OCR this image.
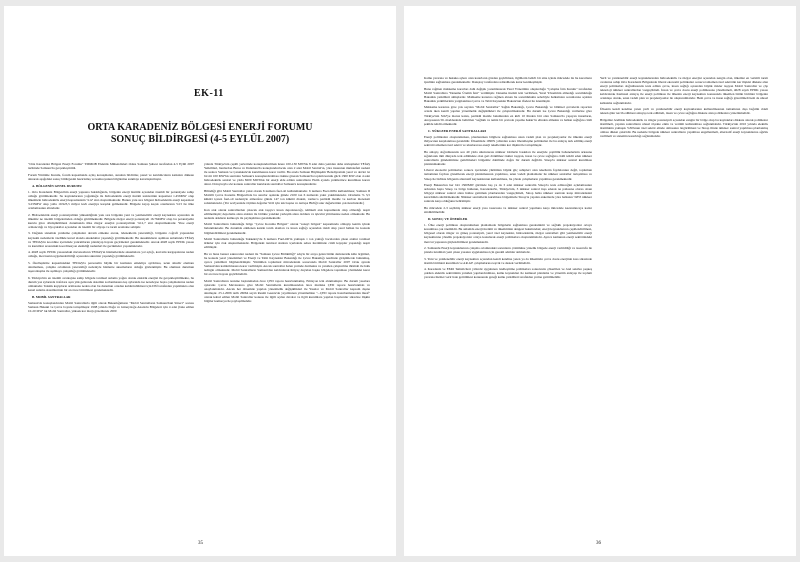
EK-11
ORTA KARADENİZ BÖLGESİ ENERJİ FORUMU
SONUÇ BİLDİRGESİ (4-5 EYLÜL 2007)

"Orta Karadeniz Bölgesi Enerji Forumu" TMMOB Elektrik Mühendisleri Odası Samsun Şubesi tarafından 4-5 Eylül 2007 tarihinde Samsun'da gerçekleştirildi.

Forum Yürütme Kurulu, forum kapsamında açılış konuşmaları, sunulan bildiriler, panel ve katılımcıların katkıları dikkate alınarak aşağıdaki sonuç bildirgesini hazırlamış ve kamuoyunun bilgilerine sunmayı kararlaştırmıştır.

A. BÖLGENİN GENEL DURUMU

1. Orta Karadeniz Bölgesi'nin enerji yapısına bakıldığında, bölgenin enerji üretimi açısından önemli bir potansiyele sahip olduğu görülmektedir. Su kaynaklarının yoğunluğu ile hidroelektrik enerji üretim tesislerinin kapasitesi 1.456MW olup ülkemizin hidroelektrik enerji kapasitesinin %12' sini oluşturmaktadır. Bunun yanı sıra bölgeni hidroelektrik enerji kapasitesi 3.235MW olup yılda 10.923,5 milyar kwh enerjiye karşılık gelmektedir. Bölgede kayıp kaçak oranlarının %15 ile ülke ortalamasının altındadır.

2. Hidroelektrik enerji potansiyelinin yüksekliğinin yanı sıra bölgenin yeni ve yenilenebilir enerji kaynakları açısından da ülkemiz ne önemli bölgelerinden olduğu görülmektedir. Bölgede rüzgar enerji potansiyeli 16.764MW olup bu potansiyelin kurulu güce dönüştürülmesi durumunda ülke rüzgar enerjisi potansiyelinin %12,7 sini oluşturmaktadır. Yine enerji ormancılığı ve biyoyakıtlar açısından da önemli bir altyapı ve tarım arazisine sahiptir.

3. Dağınık sistemde yenileme çalışmaları devam etmekte ancak, ödeneklerin yetersizliği, bölgenin coğrafi yapısından kaynaklı nedenlerle özellikle kırsal alanda aksaklıklar yaşandığı görülmektedir. Bu aksaklıkların aşılması anlamında TEİAŞ ve TEDAŞ'ın koordine içerisinde yatırımlarını planlayıp hayata geçirmeleri gerekmektedir. Ancak 4628 sayılı EPDK yasası ve kurumlar arasındaki koordinasyon eksikliği nedenleri ile gecikmeler yaşanmaktadır.

4. 4628 sayılı EPDK yasasındaki mevzuatların TEDAŞ'ın hizmetlerinde aksamalara yol açtığı, kavramı kargaşalarına neden olduğu, mevzuatın uygulanabilirliği açısından sıkıntılar yaşandığı görülmektedir.

5. Özelleştirme kapsamındaki TEDAŞ'ta personelin büyük bir kısmının emekliye ayrılması, uzun süredir elemanı alınmaması, çalışma ortamının yetersizliği nedeniyle hizmette aksamaların olduğu gözlenmiştir. Bu olumsuz durumun taşeronlaşma ile aşılmaya çalışıldığı görülmektedir.

6. Türkiye'nin en önemli avantajına sahip bölgede tarımsal sulama yoğun olarak elektrik enerjisi ile gerçekleştirilmekte, bu durum yaz aylarında trafolara aşırı yük getirerek sistemin zorlanmasına kış aylarında ise neredeyse boşta çalışmalarına neden olmaktadır. Teknik kayıpların artmasına neden olan bu durumun ortadan kaldırılabilmesi için DSİ tarafından yapılmakta olan kanal sulama sistemlerinin bir an önce bitirilmesi gerekmektedir.

B. MOBİL SANTRALLAR

Samsun'da konuşlandırılan Mobil Santrallarla ilgili olarak Bakanlığımızın "Mobil Santralların Samsun'daki Süreci" sorusu Samsun Hakuki ve Çevre boyutu tartışılmıştır 1998 yılında Doğu ve Güneydoğu Anadolu Bölgeleri için 4 adet (bakı edilen 10-20 MW' lık Mobil Santrallar, yüksek kar marjı gözetilerek 2000

yılında Türkiye'nin çeşitli yerlerinde konuşlandırılmak üzere 100-130 MW'lık 8 adet daha yeniden daha sözleşmeler TEİAŞ Yetkilileri, bunlardan Bursa ve Dalaman'da konuşlandırılacak olan 2 adet Mobil Santral'ın, yöre insanının muhalefeti nedeni ile sadece Samsun ve Çanakkale'de kurulmasına karar verilir. Bu arada Samsun Büyükşehir Belediyesinin yerel ve devlet öz bir mi 100 MW'lık santralın Samsun'a konuşlandırılması riskine girerek Samsun'da toplam kurulu gücü 1300 MW olan 4 adet hidroelektrik santral ve yılda 8200 MWh'lık bir enerji elde edilen santralların Ekim ayında yetkilerince kurulması kararı alınır. Dolayısıyla söz konusu santrallar kurularak santrallar Samsun'a konuşlandırılır.

Bilindiği gibi Mobil Santrallar yakıt olarak 6 numara fuel-oil kullanmaktadır. 6 numara Fuel-Oil'in kullanılması; Samsun II Mobilli Çevre Koruma Bölgesi'nde bu sınırlar aşılarak günde 2100 ton 6 numaralı yakıt yakılmaktadır. Ortalama % 3,5 kükürt içeren fuel-oil nedeniyle atmosfere günde 147 ton kükürt dioksit, tonlarca partikül madde ve karbon monoksit salınmaktadır. (Yer seviyesinde ölçülen değerler SO2 için tek başına ve Avrupa Birliği sınır değerlerinin çok üzerindedir.)

Katı atık olarak santrallerden çıkacak atık taşıyıcı insan depolanacağı, tehlikeli atık kapsamında olup olmadığı tespit edilmemiştir; depolama alanı atıkları ile birlikte yandaki yerleşim alanı dolduru ve işlevini yitirmesine neden olmaktadır. Bu nedenle atıkların kamuoyu ile paylaşılması gerekmektedir.

Mobil Santralların bulunduğu bölge "Çevre Koruma Bölgesi" olarak "sanayi bölgesi" kapsamında olmayıp kentin içinde bulunmaktadır. Bu durumda etkilenen kentin tarım alanları ve insan sağlığı açısından riskli olup yerel halkın bu konuda bilgilendirilmesi gerekmektedir.

Mobil Santrallerin bulunduğu Tekkeköy'de 6 numara Fuel-Oil'in yaklaşık 1 ton yaktığı bacalardan çıkan atıklar tarımsal ürünler için risk oluşturmaktadır. Bölgedeki tarımsal alanları içerisinde sebze üretiminde ciddi kayıplar yaşandığı tespit edilmiştir.

Bu ve buna benzer sakıncaları nedeni ile "Samsun Çevre Birliktiliği" adıyla bir araya gelen bütün demokratik kitle örgütleri, bu konuda yerel yönetimleri ve Enerji ve Tabii Kaynaklar Bakanlığı ile Çevre Bakanlığı nezdinde girişimlerde bulunmuş, ayrıca yetkilileri bilgilendirmiştir. Yürütülen toplumsal mücadelenin sonucunda Mobil Santrallar 2007 Ocak ayında Samsun'dan kaldırılmasına karar verilmiştir. Ancak santrallar halen yerinde durmakta ve yeniden çalıştırılma ihtimali ile halk tedirgin olmaktadır. Mobil Santralların Samsun'dan kaldırılarak ihtiyaç duyulan başka bölgelere taşınması yönündeki karar bir an önce hayata geçirilmelidir.

Mobil Santralların tesisine başlanmadan önce ÇED raporu hazırlanmamış, Emisyon izni alınmamıştır. Bu durum yasalara aykırıdır. Çevre Mevzuatına göre Mobil Santrallerin kurulmasından önce mutlaka ÇED raporu hazırlanmalı ve onaylanmalıdır. Ancak her dönemde yapılan yönetmelik değişiklikleri ile Yasalar ve Mobil Santrallar kapsam dışına alınmıştır. 25.1.2006 tarih 26064 sayılı Resmi Gazete'de yayımlanan yönetmelikte "...ÇED raporu hazırlanmasından muaf" olarak kabul edilen Mobil Santraller konusu ile ilgili açılan davalar ve ilgili kurumlara yapılan başvurular sürecine ilişkin bilgiler kamuoyu ile paylaşılmalıdır.

35

Kamu yararına ve hukuka aykırı olan kararların gözden geçirilmesi, ilgililerin belirli bir süre içinde mücadele ile bu kararların iptalinin sağlanması gerekmektedir. Danıştay tarafından reddedilerek karar kesinleşmiştir.

Buna rağmen mahkeme kararları dahi değişik yorumlanarak Yerel Yönetimin oluşturduğu "Çalışma İzin Kurulu" tarafından Mobil Santrallara "Deneme Üretim İzni" verilmiştir. Deneme üretim izni verilirken, Yerel Yönetimin almadığı sorumluluğu Bakanlık yetkilileri almışlardır. Mahkeme kararına rağmen alınan bu sorumlulukla sebebiyle halkımızın sorunlarına açıkları Bakanlık yetkililerinin yargılanması Çevre ve Tabii Kaynaklar Bakanı'nın ifadesi ile istenmiştir.

Mahkeme kararına göre yok sayılan "Mobil Santrallar" Sağlık Bakanlığı, Çevre Bakanlığı ve bilimsel çevrelerin raporları ortada iken kentli yapılan yönetmelik değişiklikleri ile çalıştırılmaktadır. Bu durum ise Çevre Bakanlığı verilerine göre Türkiye'nin SO2'ye maruz kalan, partikül madde bakımından en kirli 10 ilinden biri olan Samsun'da yaşayan insanların, Anayasanın 56. maddesinde belirtilen "sağlıklı ve temiz bir çevrede yaşama hakkı"nı elinden almakta ve halkın sağlığını ciddi şekilde tehdit etmektedir.

C. NÜKLEER ENERJİ SANTRALLARI

Enerji politikaları oluşturulurken, planlanırken bilgilere sağlanması uzun vadeli plan ve projeksiyonlar ile ülkenin enerji ihtiyacının karşılanması gereklidir. Ülkemizde 1990'lı yıllardan sonra liberalleşme politikaları ile bu anlayış terk edilmiş enerji sektörü tamamen özel sektör ve uluslararası enerji tekellerinin kar ilişkisi ile tartışılmıştır.

Bu anlayış doğrultusunda son 40 yılda uluslararası nükleer lobilerin baskıları ile enerjide çeşitlilik bahanelerinin arkasına sığınılarak tüm dünyada terk edilmekte olan geri dönülmez riskler taşıyan, insan ve çevre sağlığına ciddi tehdit eden nükleer santrallerin gündemimize getirilmeleri bölgemiz dahilinde doğru bir durum değildir. Sinop'ta nükleer santral kurulması planlanmaktadır.

Liberal ekonomi politikaları sonucu içerisinde yürütülen büyük güç sahipleri olan tekellerin faydalarının değil, toplumun tamamının faydası gözetilerek enerji planlamasının yapılması, uzun vadeli planlamalar ile nükleer santraller tartışılması ve Sinop ile birlikte bölgenin alternatif kaynaklarının kullanılması, bu yönde çalışmaların yapılması gerekmektedir.

Enerji Bakanı'nın her biri 1500MW gücünde beş ya da 3 adet nükleer santralin Sinop'ta tesis edileceğini açıklamasının ardından başta Sinop ve bölge halkının, Karadeniz'in, Türkiye'nin, 3 nükleer santral inşa ederek ne pahasına olursa olsun bölgeyi nükleer santral alanı haline getirmek planlarından vazgeçilmeli, Sinop halkı nükleer santrale karşı mücadelesini kararlılıkla sürdürmektedir. Nükleer santrallerin kurulması bölgemizde Sinop'ta yapılan anketlerde yöre halkının %85'i nükleer santrale karşı olduğunu belirtmiştir.

Bu mücadele 2-3 seçilmiş nükleer enerji yasa tasarısına ve nükleer santral yapımına karşı mücadele kazanılıncaya kadar sürdürülmelidir.

D. SONUÇ VE ÖNERİLER

1. Ülke enerji politikası oluşturulurken planlamada bölgelerin sağlanması gereksinimi ve sağlıklı projeksiyonlar ortaya konulması çok önemlidir. Bu anlamda enerji üretimi ve tüketiminin dengesi bakımından; enerji kaynaklarının çeşitlendirilmesi, bölgesel olarak rüzgar ve güneş potansiyeli, yerel özel kaynaklar, hidroelektrik, rüzgar santralleri gibi yenilenebilir enerji kaynaklarına yönelik projeksiyonlar ortaya konularak enerji politikaları oluşturulmalıdır. Ayrıca kamunun enerji sektöründeki mevcut yapısının güçlendirilmesi gerekmektedir.

2. Samsunlu Enerji kaynaklarının çalışma ortamındaki sorunların çözümüne yönelik bölgede enerji verimliliği ve tasarrufu ile planda tutulmalı yeni çıkan yasanın uygulanması için gerekli adımlar atılmalıdır.

3. Yeni ve yenilenebilir enerji kaynakları açısından kendi kendine yeten ya da ülkemizin çevre dostu enerjinin kısa süresinde üretim birimleri kurulmalı ve AR-GE çalışmalarına teşvik ve destek verilmelidir.

4. Karadeniz ve EMO Temsilcileri yıllardır uygulanan özelleştirme politikaları sonucunda çökertilen ve özel sektöre peşkeş çekilen elektrik sektörünün yeniden yapılandırılması, kamu kaynakları ile kamusal planlama ve yönetim anlayışı ile toplum yararına hizmet verir hale getirilmesi konusunda gereği kamu yetkilileri tarafından yerine getirilmelidir.

Yerli ve yenilenebilir enerji kaynaklarından hidroelektrik ve rüzgar enerjisi açısından zengin olan, ülkemiz en verimli tarım ovalarına sahip Orta Karadeniz Bölgesinde liberal ekonomi politikaları sonucu tamamen özel sektörün kar ilişkisi dikkate alan enerji politikaları doğrultusunda tesis edilen çevre, insan sağlığı açısından büyük riskler taşıyan Mobil Santrallar ve çöp teknoloji nükleer santrallardan vazgeçilmeli. İnsan ve çevre dostu enerji politikasına yönelinmeli, 4628 sayılı EPDK yasası kaldırılarak Kamusal anlayış ile enerji politikası ile ülkenin enerji kaynakları konusunda tüketilen bütün birimler bölgenin ortaklaşa olarak, uzun vadeli plan ve projeksiyonlar ile oluşturulmalıdır. Hem çevre ve insan sağlığı gözetilmeli hem de ulusal kalkınma sağlanmalıdır.

Ülkenin kendi kendine yeten yerli ve yenilenebilir enerji kaynaklarının kullanılmasının tamamının dışa bağımlı riskli teknolojiler tercih edilmesi anlayışı terk edilmeli, insan ve çevre sağlığını dikkate alan politikalara yönelinmelidir.

Bölgemiz özellikle hidroelektrik ve rüzgar potansiyeli açısından zengin bir bölge olup bu kaynakları dikkate alacak politikalar üretilmeli, yapılan santralların ulusal ölçekte etkin ve verimli kullanılması sağlanmalıdır. Türkiye'nin 2010 yılında elektrik üretiminin yaklaşık %30'unun özel sektör elinde olmasının öngörülmesi ve Sinop ilinde nükleer santral yapılması planlanmış olması dikkat çekicidir. Bu nedenle bölgede nükleer santralların yapılması engellenmeli, alternatif enerji kaynaklarına ağırlık verilmeli ve sistemin kararlılığı sağlanmalıdır.

36
